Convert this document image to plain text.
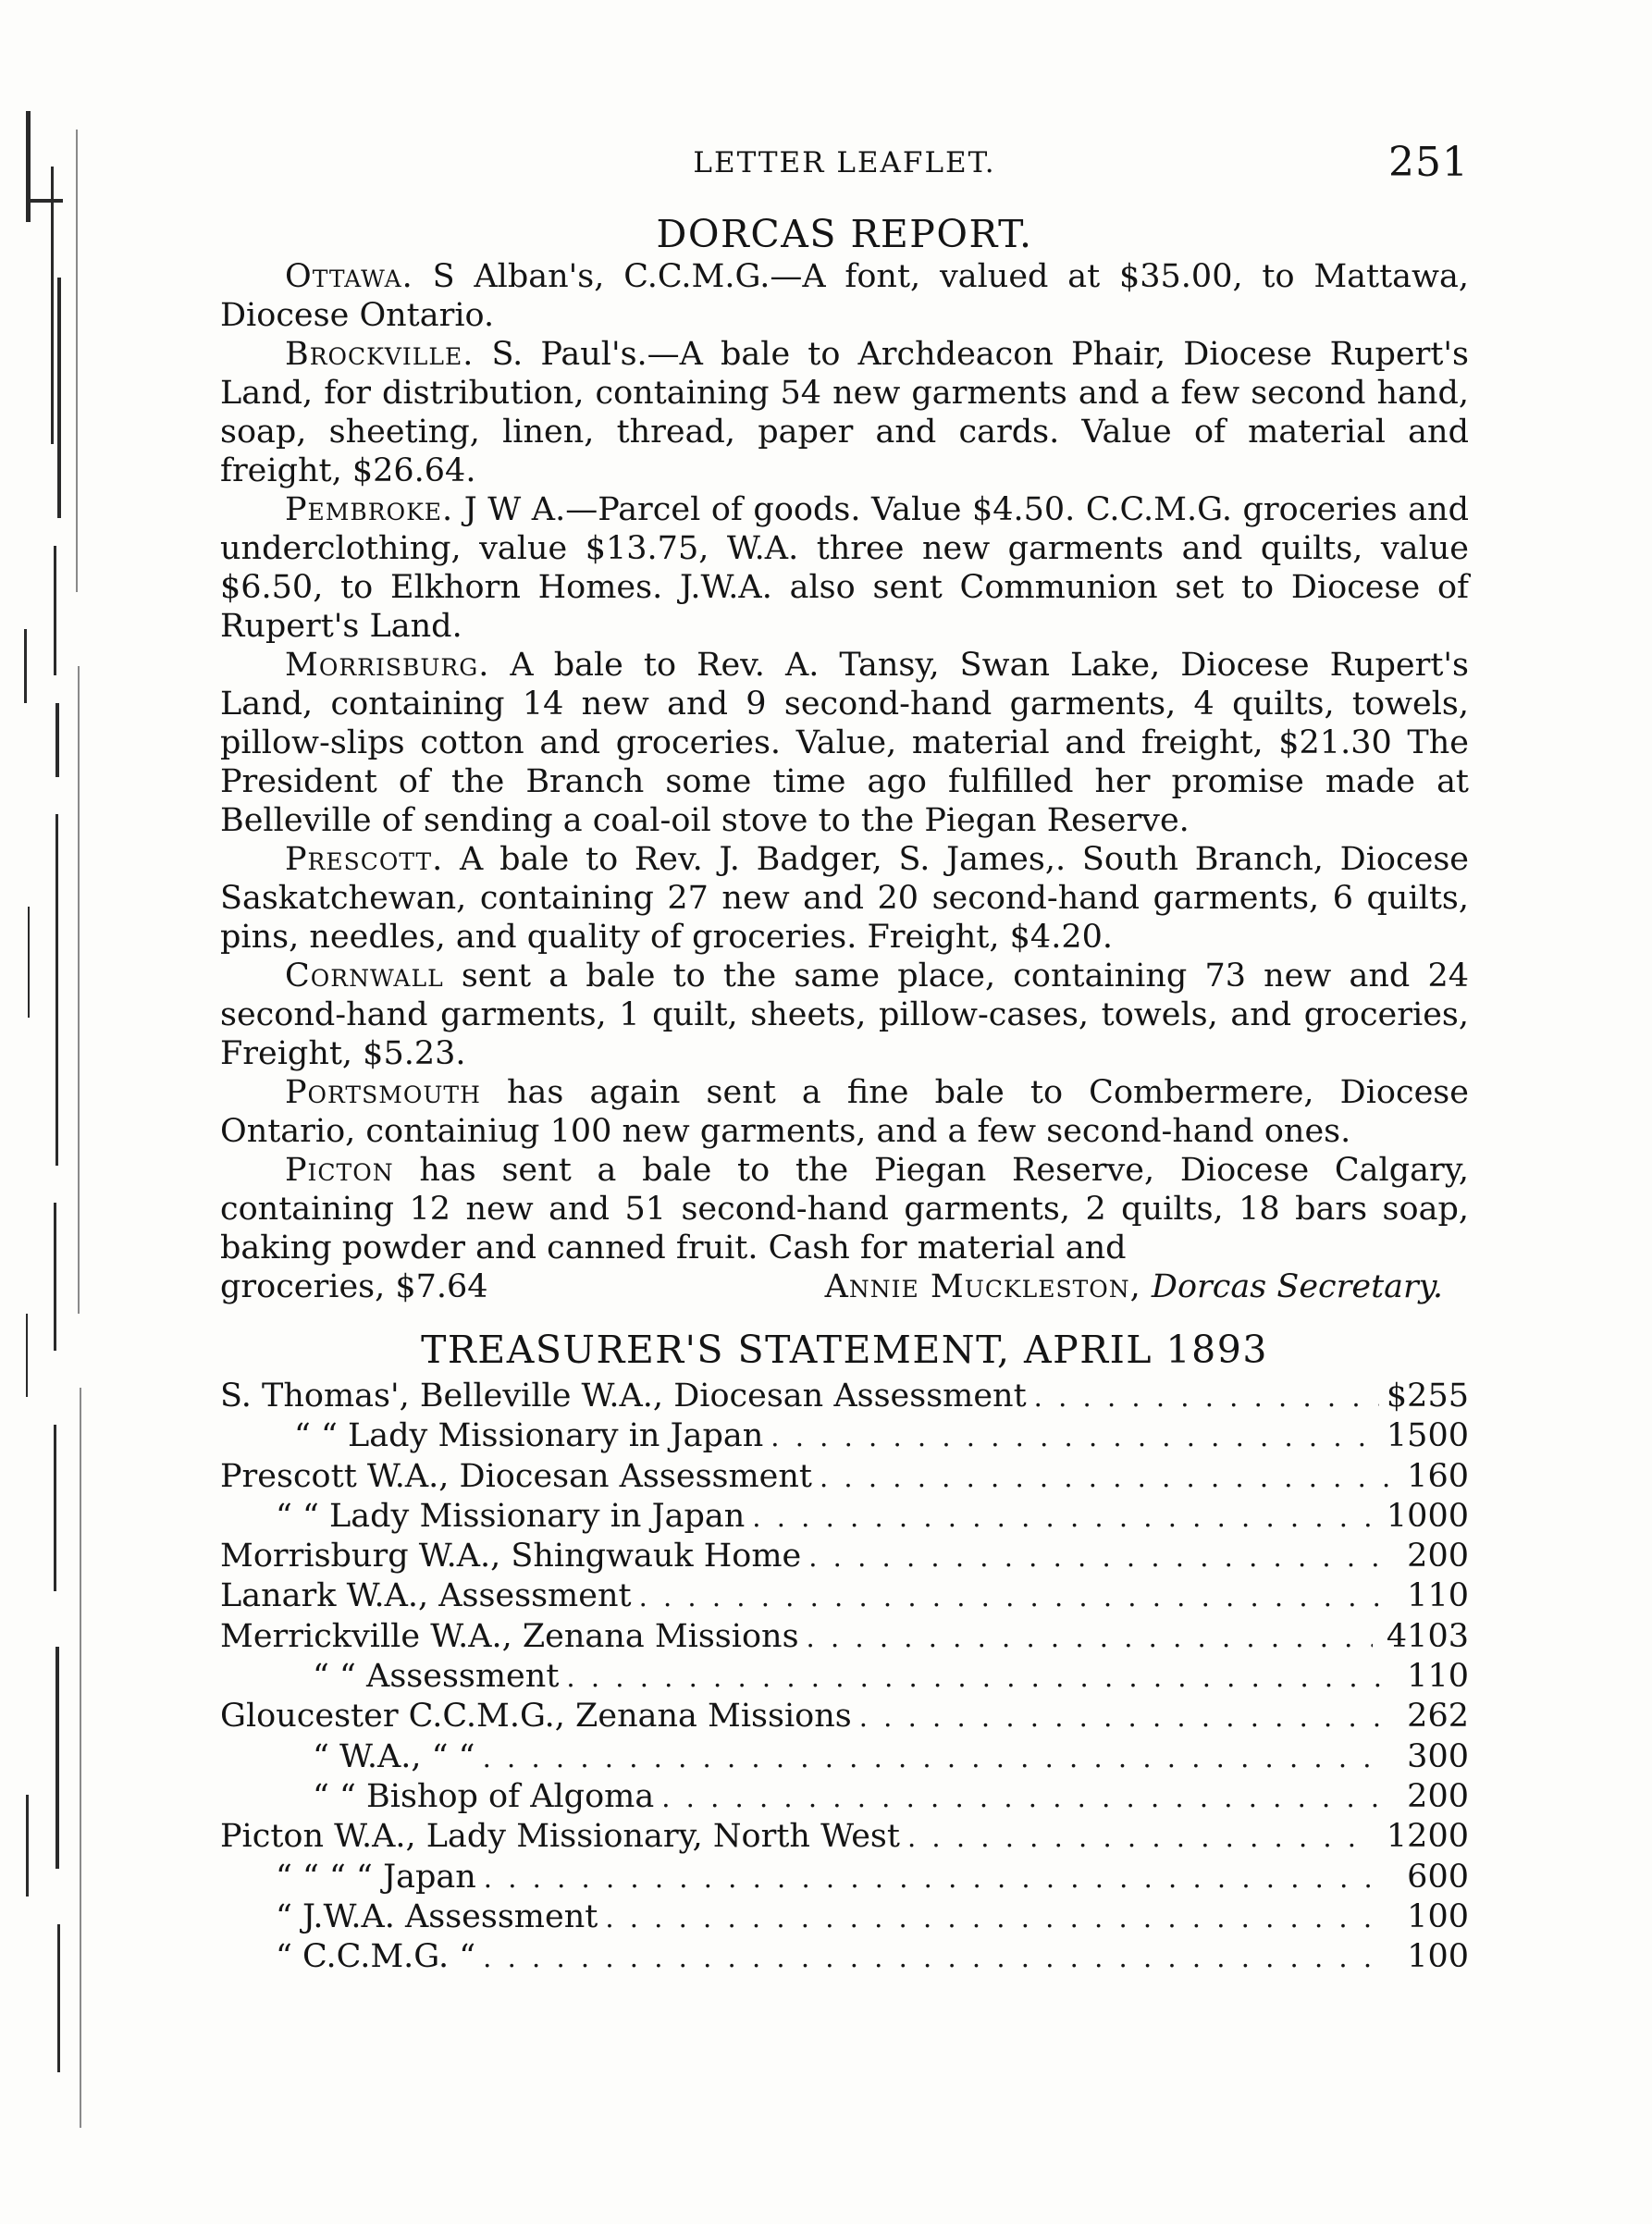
LETTER LEAFLET.	251
DORCAS REPORT.

Ottawa. S Alban's, C.C.M.G.—A font, valued at $35.00, to Mattawa, Diocese Ontario.

Brockville. S. Paul's.—A bale to Archdeacon Phair, Diocese Rupert's Land, for distribution, containing 54 new garments and a few second hand, soap, sheeting, linen, thread, paper and cards. Value of material and freight, $26.64.

Pembroke. J W A.—Parcel of goods. Value $4.50. C.C.M.G. groceries and underclothing, value $13.75, W.A. three new garments and quilts, value $6.50, to Elkhorn Homes. J.W.A. also sent Communion set to Diocese of Rupert's Land.

Morrisburg. A bale to Rev. A. Tansy, Swan Lake, Diocese Rupert's Land, containing 14 new and 9 second-hand garments, 4 quilts, towels, pillow-slips cotton and groceries. Value, material and freight, $21.30 The President of the Branch some time ago fulfilled her promise made at Belleville of sending a coal-oil stove to the Piegan Reserve.

Prescott. A bale to Rev. J. Badger, S. James,. South Branch, Diocese Saskatchewan, containing 27 new and 20 second-hand garments, 6 quilts, pins, needles, and quality of groceries. Freight, $4.20.

Cornwall sent a bale to the same place, containing 73 new and 24 second-hand garments, 1 quilt, sheets, pillow-cases, towels, and groceries, Freight, $5.23.

Portsmouth has again sent a fine bale to Combermere, Diocese Ontario, containiug 100 new garments, and a few second-hand ones.

Picton has sent a bale to the Piegan Reserve, Diocese Calgary, containing 12 new and 51 second-hand garments, 2 quilts, 18 bars soap, baking powder and canned fruit. Cash for material and

groceries, $7.64	Annie Muckleston, Dorcas Secretary.
TREASURER'S STATEMENT, APRIL 1893
S. Thomas', Belleville W.A., Diocesan Assessment . . .	$ 2 55
“ “ Lady Missionary in Japan . . .	15 00
Prescott W.A., Diocesan Assessment . . .	1 60
“ “ Lady Missionary in Japan . . .	10 00
Morrisburg W.A., Shingwauk Home . . .	2 00
Lanark W.A., Assessment . . .	1 10
Merrickville W.A., Zenana Missions . . .	41 03
“ “ Assessment . . .	1 10
Gloucester C.C.M.G., Zenana Missions . . .	2 62
“ W.A., “ “ . . .	3 00
“ “ Bishop of Algoma . . .	2 00
Picton W.A., Lady Missionary, North West . . .	12 00
“ “ “ “ Japan . . .	6 00
“ J.W.A. Assessment . . .	1 00
“ C.C.M.G. “ . . .	1 00
